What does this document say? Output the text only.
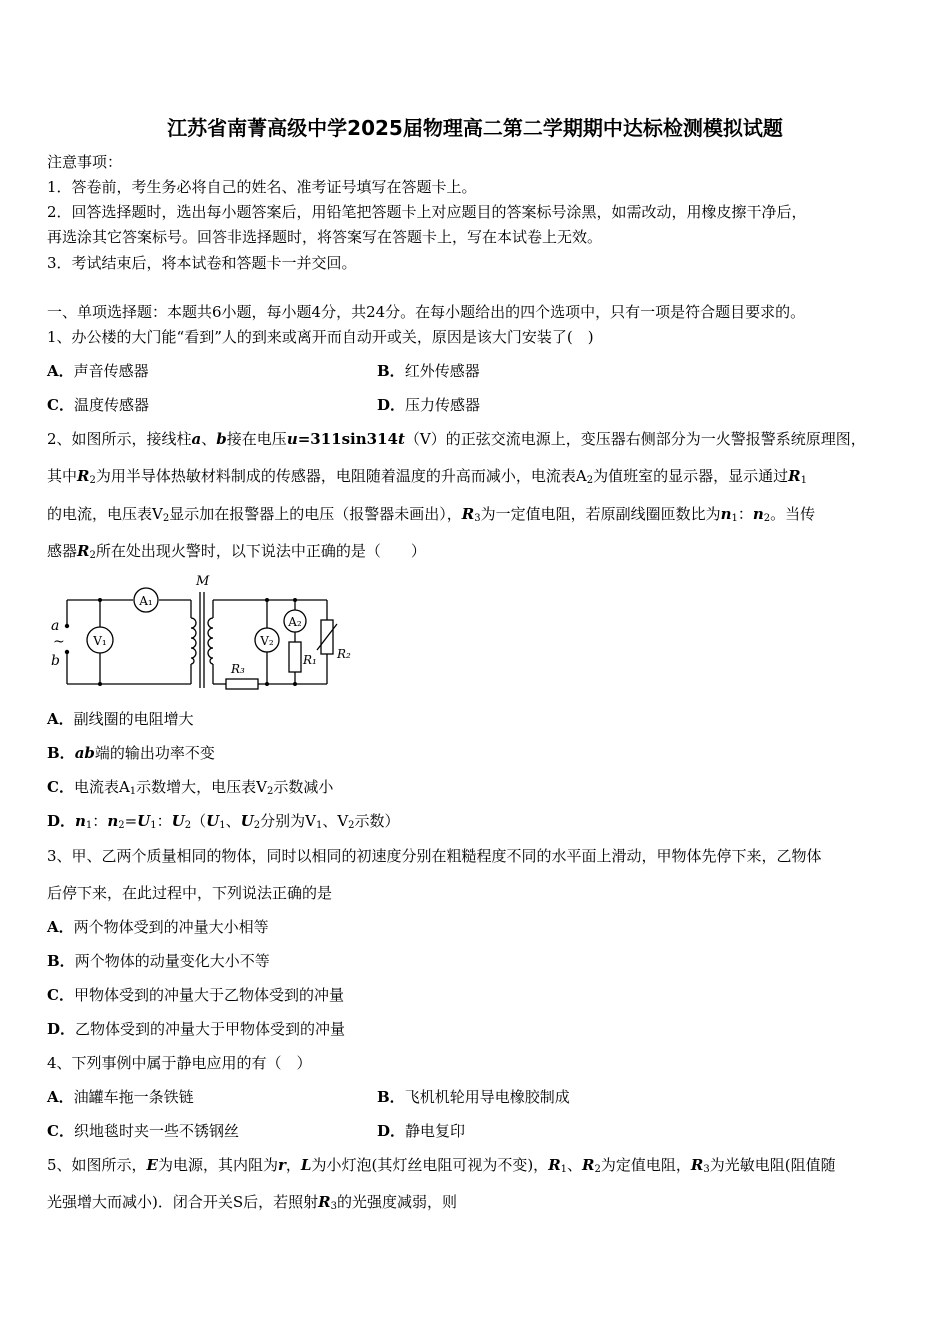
江苏省南菁高级中学2025届物理高二第二学期期中达标检测模拟试题
注意事项：
1．答卷前，考生务必将自己的姓名、准考证号填写在答题卡上。
2．回答选择题时，选出每小题答案后，用铅笔把答题卡上对应题目的答案标号涂黑，如需改动，用橡皮擦干净后，
再选涂其它答案标号。回答非选择题时，将答案写在答题卡上，写在本试卷上无效。
3．考试结束后，将本试卷和答题卡一并交回。
一、单项选择题：本题共6小题，每小题4分，共24分。在每小题给出的四个选项中，只有一项是符合题目要求的。
1、办公楼的大门能“看到”人的到来或离开而自动开或关，原因是该大门安装了(　)
A．声音传感器	B．红外传感器
C．温度传感器	D．压力传感器
2、如图所示，接线柱a、b接在电压u=311sin314t（V）的正弦交流电源上，变压器右侧部分为一火警报警系统原理图，
其中$R_2$为用半导体热敏材料制成的传感器，电阻随着温度的升高而减小，电流表$A_2$为值班室的显示器，显示通过$R_1$
的电流，电压表$V_2$显示加在报警器上的电压（报警器未画出），$R_3$为一定值电阻，若原副线圈匝数比为$n_1$：$n_2$。当传
感器$R_2$所在处出现火警时，以下说法中正确的是（　　）
A₁
V₁	V₂
A₂
M
a
b
~
R₃
R₁ R₂
A．副线圈的电阻增大
B．ab端的输出功率不变
C．电流表$A_1$示数增大，电压表$V_2$示数减小
D．$n_1$：$n_2=U_1$：$U_2(U_1$、$U_2$分别为$V_1$、$V_2$示数）
3、甲、乙两个质量相同的物体，同时以相同的初速度分别在粗糙程度不同的水平面上滑动，甲物体先停下来，乙物体
后停下来，在此过程中，下列说法正确的是
A．两个物体受到的冲量大小相等
B．两个物体的动量变化大小不等
C．甲物体受到的冲量大于乙物体受到的冲量
D．乙物体受到的冲量大于甲物体受到的冲量
4、下列事例中属于静电应用的有（　）
A．油罐车拖一条铁链	B．飞机机轮用导电橡胶制成
C．织地毯时夹一些不锈钢丝	D．静电复印
5、如图所示，E为电源，其内阻为r，L为小灯泡(其灯丝电阻可视为不变)，$R_1$、$R_2$为定值电阻，$R_3$为光敏电阻(阻值随
光强增大而减小)．闭合开关S后，若照射$R_3$的光强度减弱，则
